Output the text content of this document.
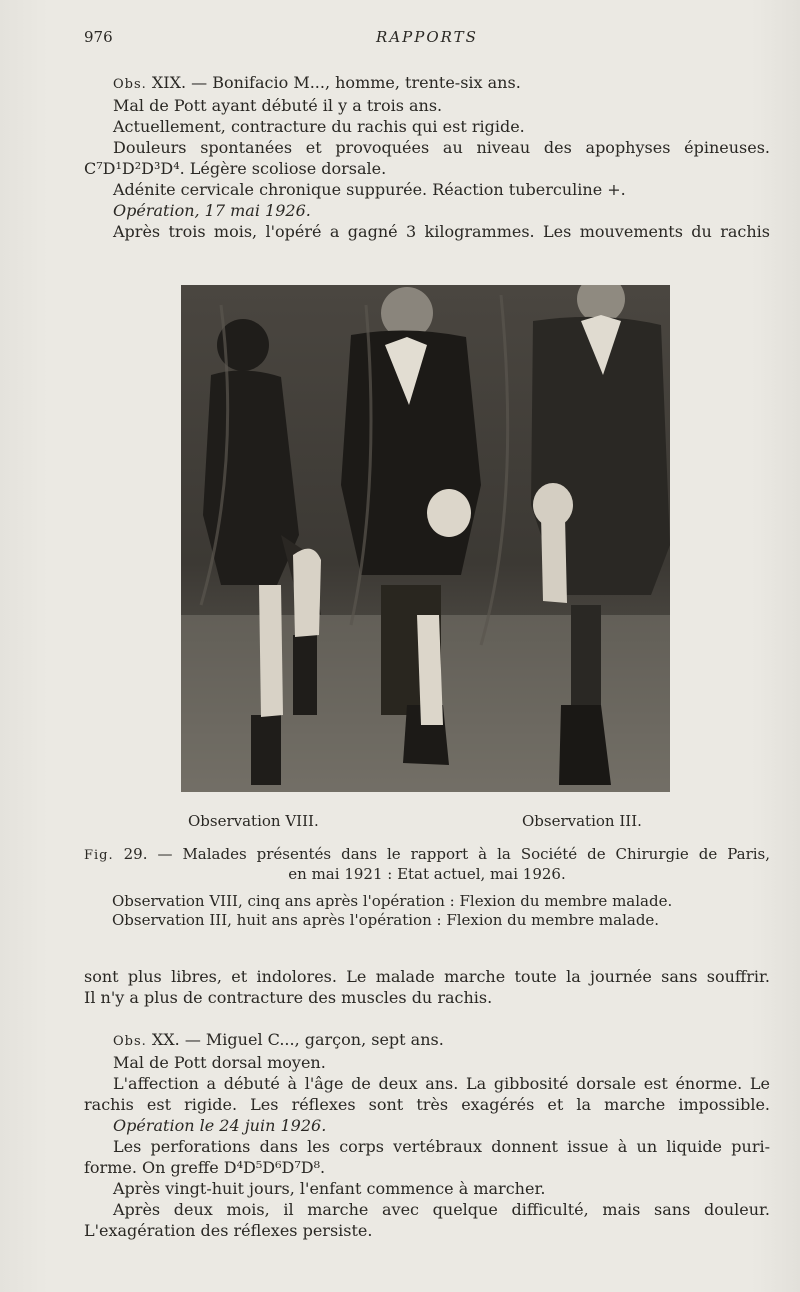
976	RAPPORTS
Obs. XIX. — Bonifacio M..., homme, trente-six ans.
Mal de Pott ayant débuté il y a trois ans.
Actuellement, contracture du rachis qui est rigide.
Douleurs spontanées et provoquées au niveau des apophyses épineuses.
C⁷D¹D²D³D⁴. Légère scoliose dorsale.
Adénite cervicale chronique suppurée. Réaction tuberculine +.
Opération, 17 mai 1926.
Après trois mois, l'opéré a gagné 3 kilogrammes. Les mouvements du rachis
Observation VIII.	Observation III.
Fig. 29. — Malades présentés dans le rapport à la Société de Chirurgie de Paris,
en mai 1921 : Etat actuel, mai 1926.
Observation VIII, cinq ans après l'opération : Flexion du membre malade.
Observation III, huit ans après l'opération : Flexion du membre malade.
sont plus libres, et indolores. Le malade marche toute la journée sans souffrir.
Il n'y a plus de contracture des muscles du rachis.
Obs. XX. — Miguel C..., garçon, sept ans.
Mal de Pott dorsal moyen.
L'affection a débuté à l'âge de deux ans. La gibbosité dorsale est énorme. Le
rachis est rigide. Les réflexes sont très exagérés et la marche impossible.
Opération le 24 juin 1926.
Les perforations dans les corps vertébraux donnent issue à un liquide puri-
forme. On greffe D⁴D⁵D⁶D⁷D⁸.
Après vingt-huit jours, l'enfant commence à marcher.
Après deux mois, il marche avec quelque difficulté, mais sans douleur.
L'exagération des réflexes persiste.
